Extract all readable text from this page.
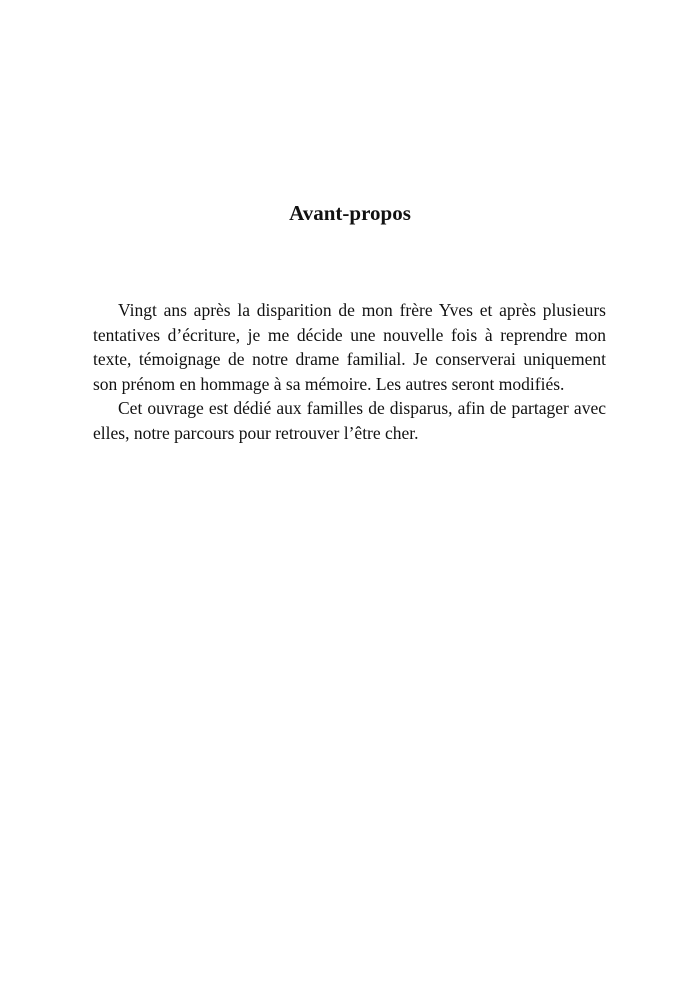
Avant-propos

Vingt ans après la disparition de mon frère Yves et après plusieurs tentatives d’écriture, je me décide une nouvelle fois à reprendre mon texte, témoignage de notre drame familial. Je conserverai uniquement son prénom en hommage à sa mémoire. Les autres seront modifiés.

Cet ouvrage est dédié aux familles de disparus, afin de partager avec elles, notre parcours pour retrouver l’être cher.
